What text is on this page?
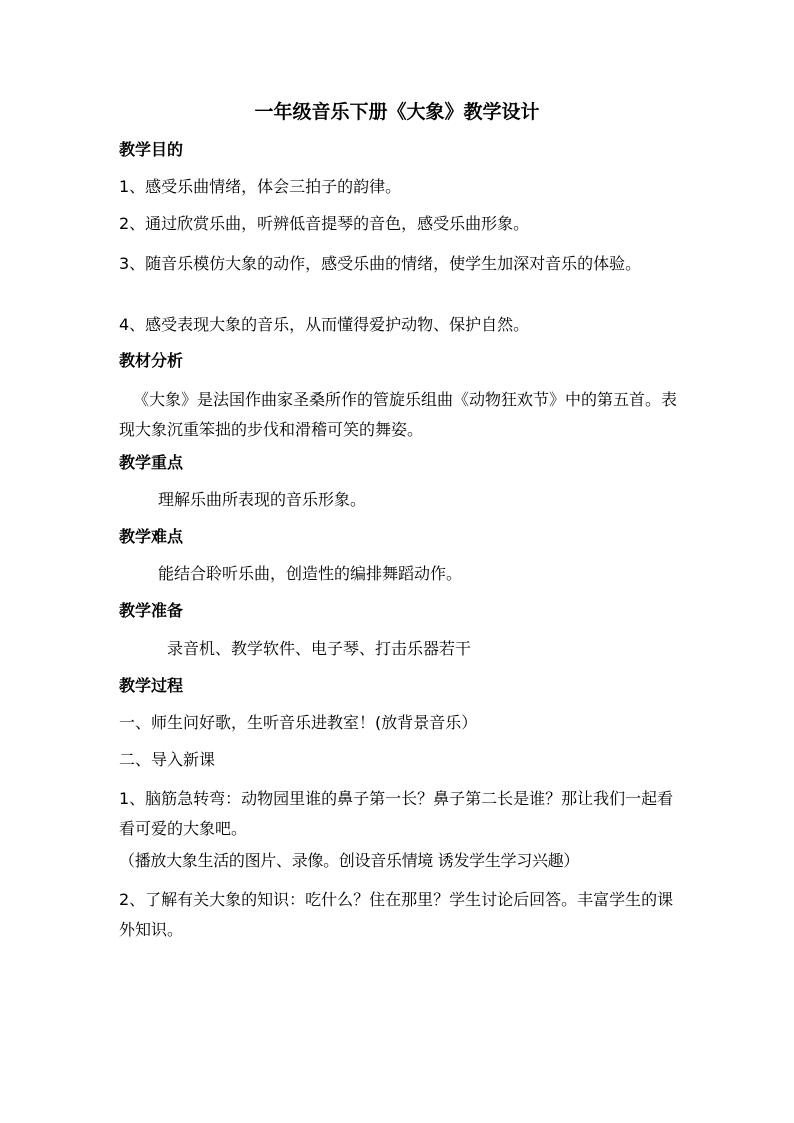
一年级音乐下册《大象》教学设计
教学目的
1、感受乐曲情绪，体会三拍子的韵律。
2、通过欣赏乐曲，听辨低音提琴的音色，感受乐曲形象。
3、随音乐模仿大象的动作，感受乐曲的情绪，使学生加深对音乐的体验。
4、感受表现大象的音乐，从而懂得爱护动物、保护自然。
教材分析
《大象》是法国作曲家圣桑所作的管旋乐组曲《动物狂欢节》中的第五首。表现大象沉重笨拙的步伐和滑稽可笑的舞姿。
教学重点
理解乐曲所表现的音乐形象。
教学难点
能结合聆听乐曲，创造性的编排舞蹈动作。
教学准备
录音机、教学软件、电子琴、打击乐器若干
教学过程
一、师生问好歌，生听音乐进教室！(放背景音乐）
二、导入新课
1、脑筋急转弯：动物园里谁的鼻子第一长？鼻子第二长是谁？那让我们一起看看可爱的大象吧。
（播放大象生活的图片、录像。创设音乐情境 诱发学生学习兴趣）
2、了解有关大象的知识：吃什么？住在那里？学生讨论后回答。丰富学生的课外知识。
